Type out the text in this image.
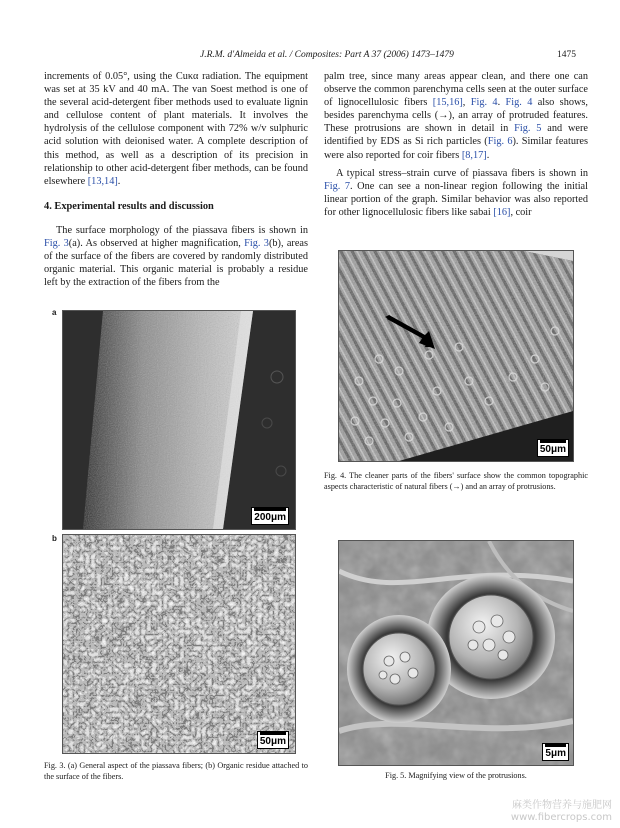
J.R.M. d'Almeida et al. / Composites: Part A 37 (2006) 1473–1479	1475

increments of 0.05°, using the Cuκα radiation. The equipment was set at 35 kV and 40 mA. The van Soest method is one of the several acid-detergent fiber methods used to evaluate lignin and cellulose content of plant materials. It involves the hydrolysis of the cellulose component with 72% w/v sulphuric acid solution with deionised water. A complete description of this method, as well as a description of its precision in relationship to other acid-detergent fiber methods, can be found elsewhere [13,14].

4. Experimental results and discussion

The surface morphology of the piassava fibers is shown in Fig. 3(a). As observed at higher magnification, Fig. 3(b), areas of the surface of the fibers are covered by randomly distributed organic material. This organic material is probably a residue left by the extraction of the fibers from the

palm tree, since many areas appear clean, and there one can observe the common parenchyma cells seen at the outer surface of lignocellulosic fibers [15,16], Fig. 4. Fig. 4 also shows, besides parenchyma cells (→), an array of protruded features. These protrusions are shown in detail in Fig. 5 and were identified by EDS as Si rich particles (Fig. 6). Similar features were also reported for coir fibers [8,17].

A typical stress–strain curve of piassava fibers is shown in Fig. 7. One can see a non-linear region following the initial linear portion of the graph. Similar behavior was also reported for other lignocellulosic fibers like sabai [16], coir

a
200μm
b
50μm
Fig. 3. (a) General aspect of the piassava fibers; (b) Organic residue attached to the surface of the fibers.
50μm
Fig. 4. The cleaner parts of the fibers' surface show the common topographic aspects characteristic of natural fibers (→) and an array of protrusions.
5μm
Fig. 5. Magnifying view of the protrusions.
麻类作物营养与施肥网
www.fibercrops.com
